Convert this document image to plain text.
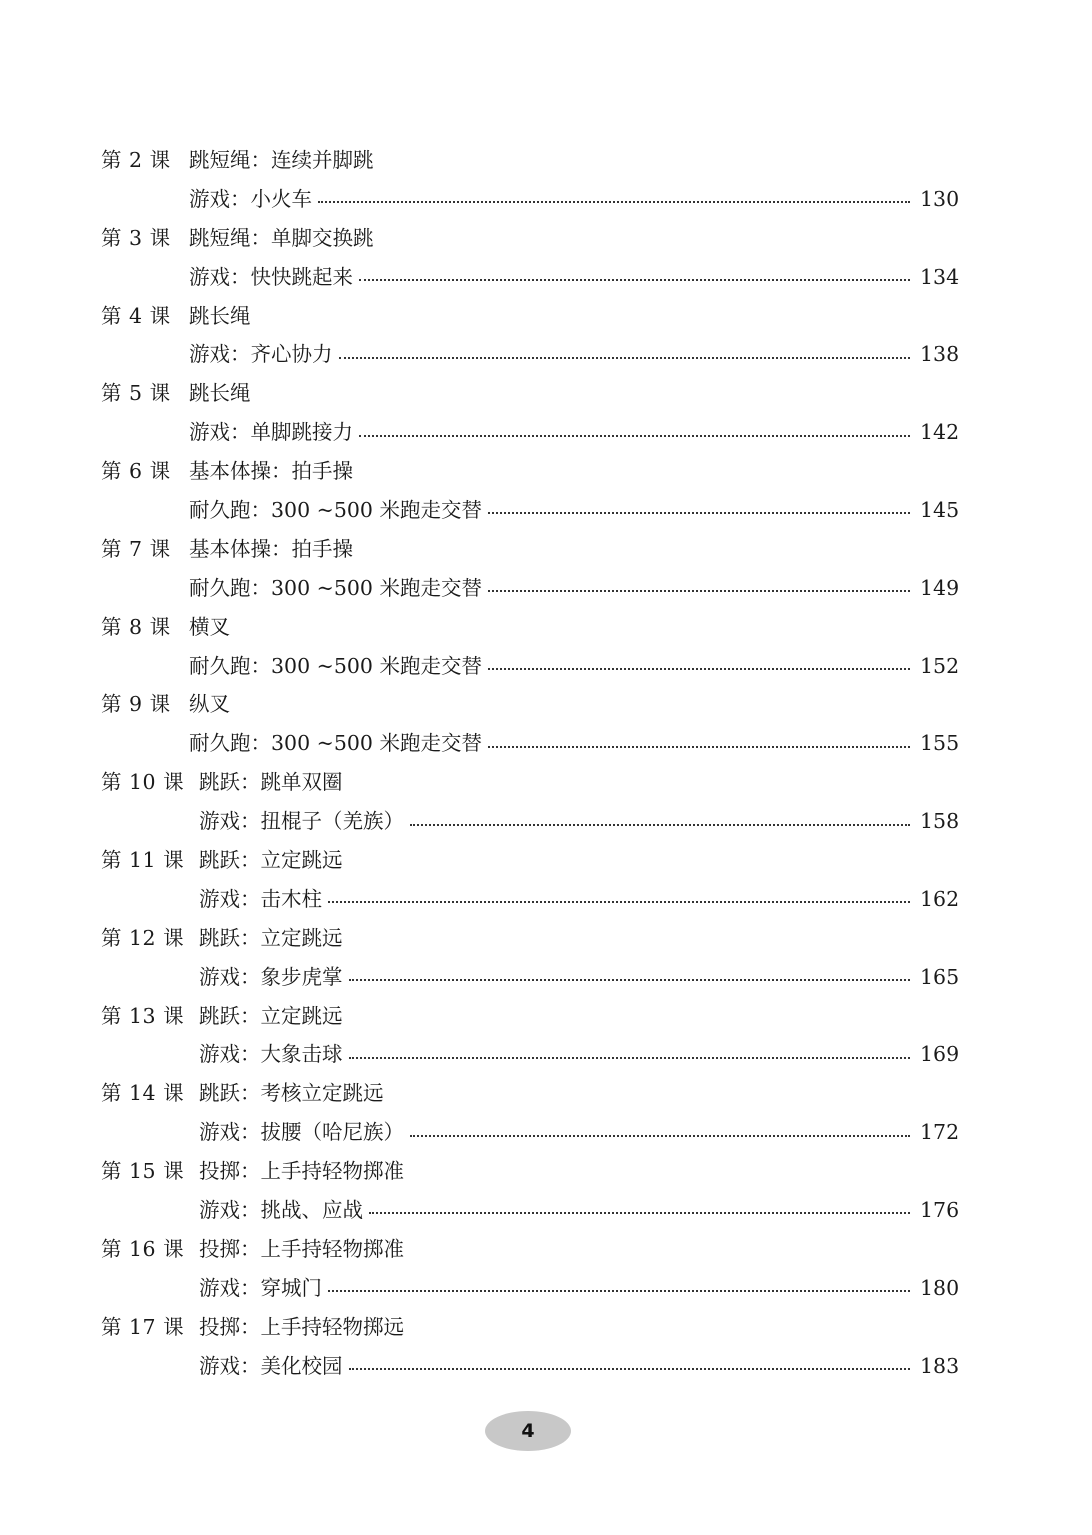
第 2 课 跳短绳：连续并脚跳
游戏：小火车	130
第 3 课 跳短绳：单脚交换跳
游戏：快快跳起来	134
第 4 课 跳长绳
游戏：齐心协力	138
第 5 课 跳长绳
游戏：单脚跳接力	142
第 6 课 基本体操：拍手操
耐久跑：300 ~500 米跑走交替	145
第 7 课 基本体操：拍手操
耐久跑：300 ~500 米跑走交替	149
第 8 课 横叉
耐久跑：300 ~500 米跑走交替	152
第 9 课 纵叉
耐久跑：300 ~500 米跑走交替	155
第 10 课 跳跃：跳单双圈
游戏：扭棍子（羌族）	158
第 11 课 跳跃：立定跳远
游戏：击木柱	162
第 12 课 跳跃：立定跳远
游戏：象步虎掌	165
第 13 课 跳跃：立定跳远
游戏：大象击球	169
第 14 课 跳跃：考核立定跳远
游戏：拔腰（哈尼族）	172
第 15 课 投掷：上手持轻物掷准
游戏：挑战、应战	176
第 16 课 投掷：上手持轻物掷准
游戏：穿城门	180
第 17 课 投掷：上手持轻物掷远
游戏：美化校园	183
4
